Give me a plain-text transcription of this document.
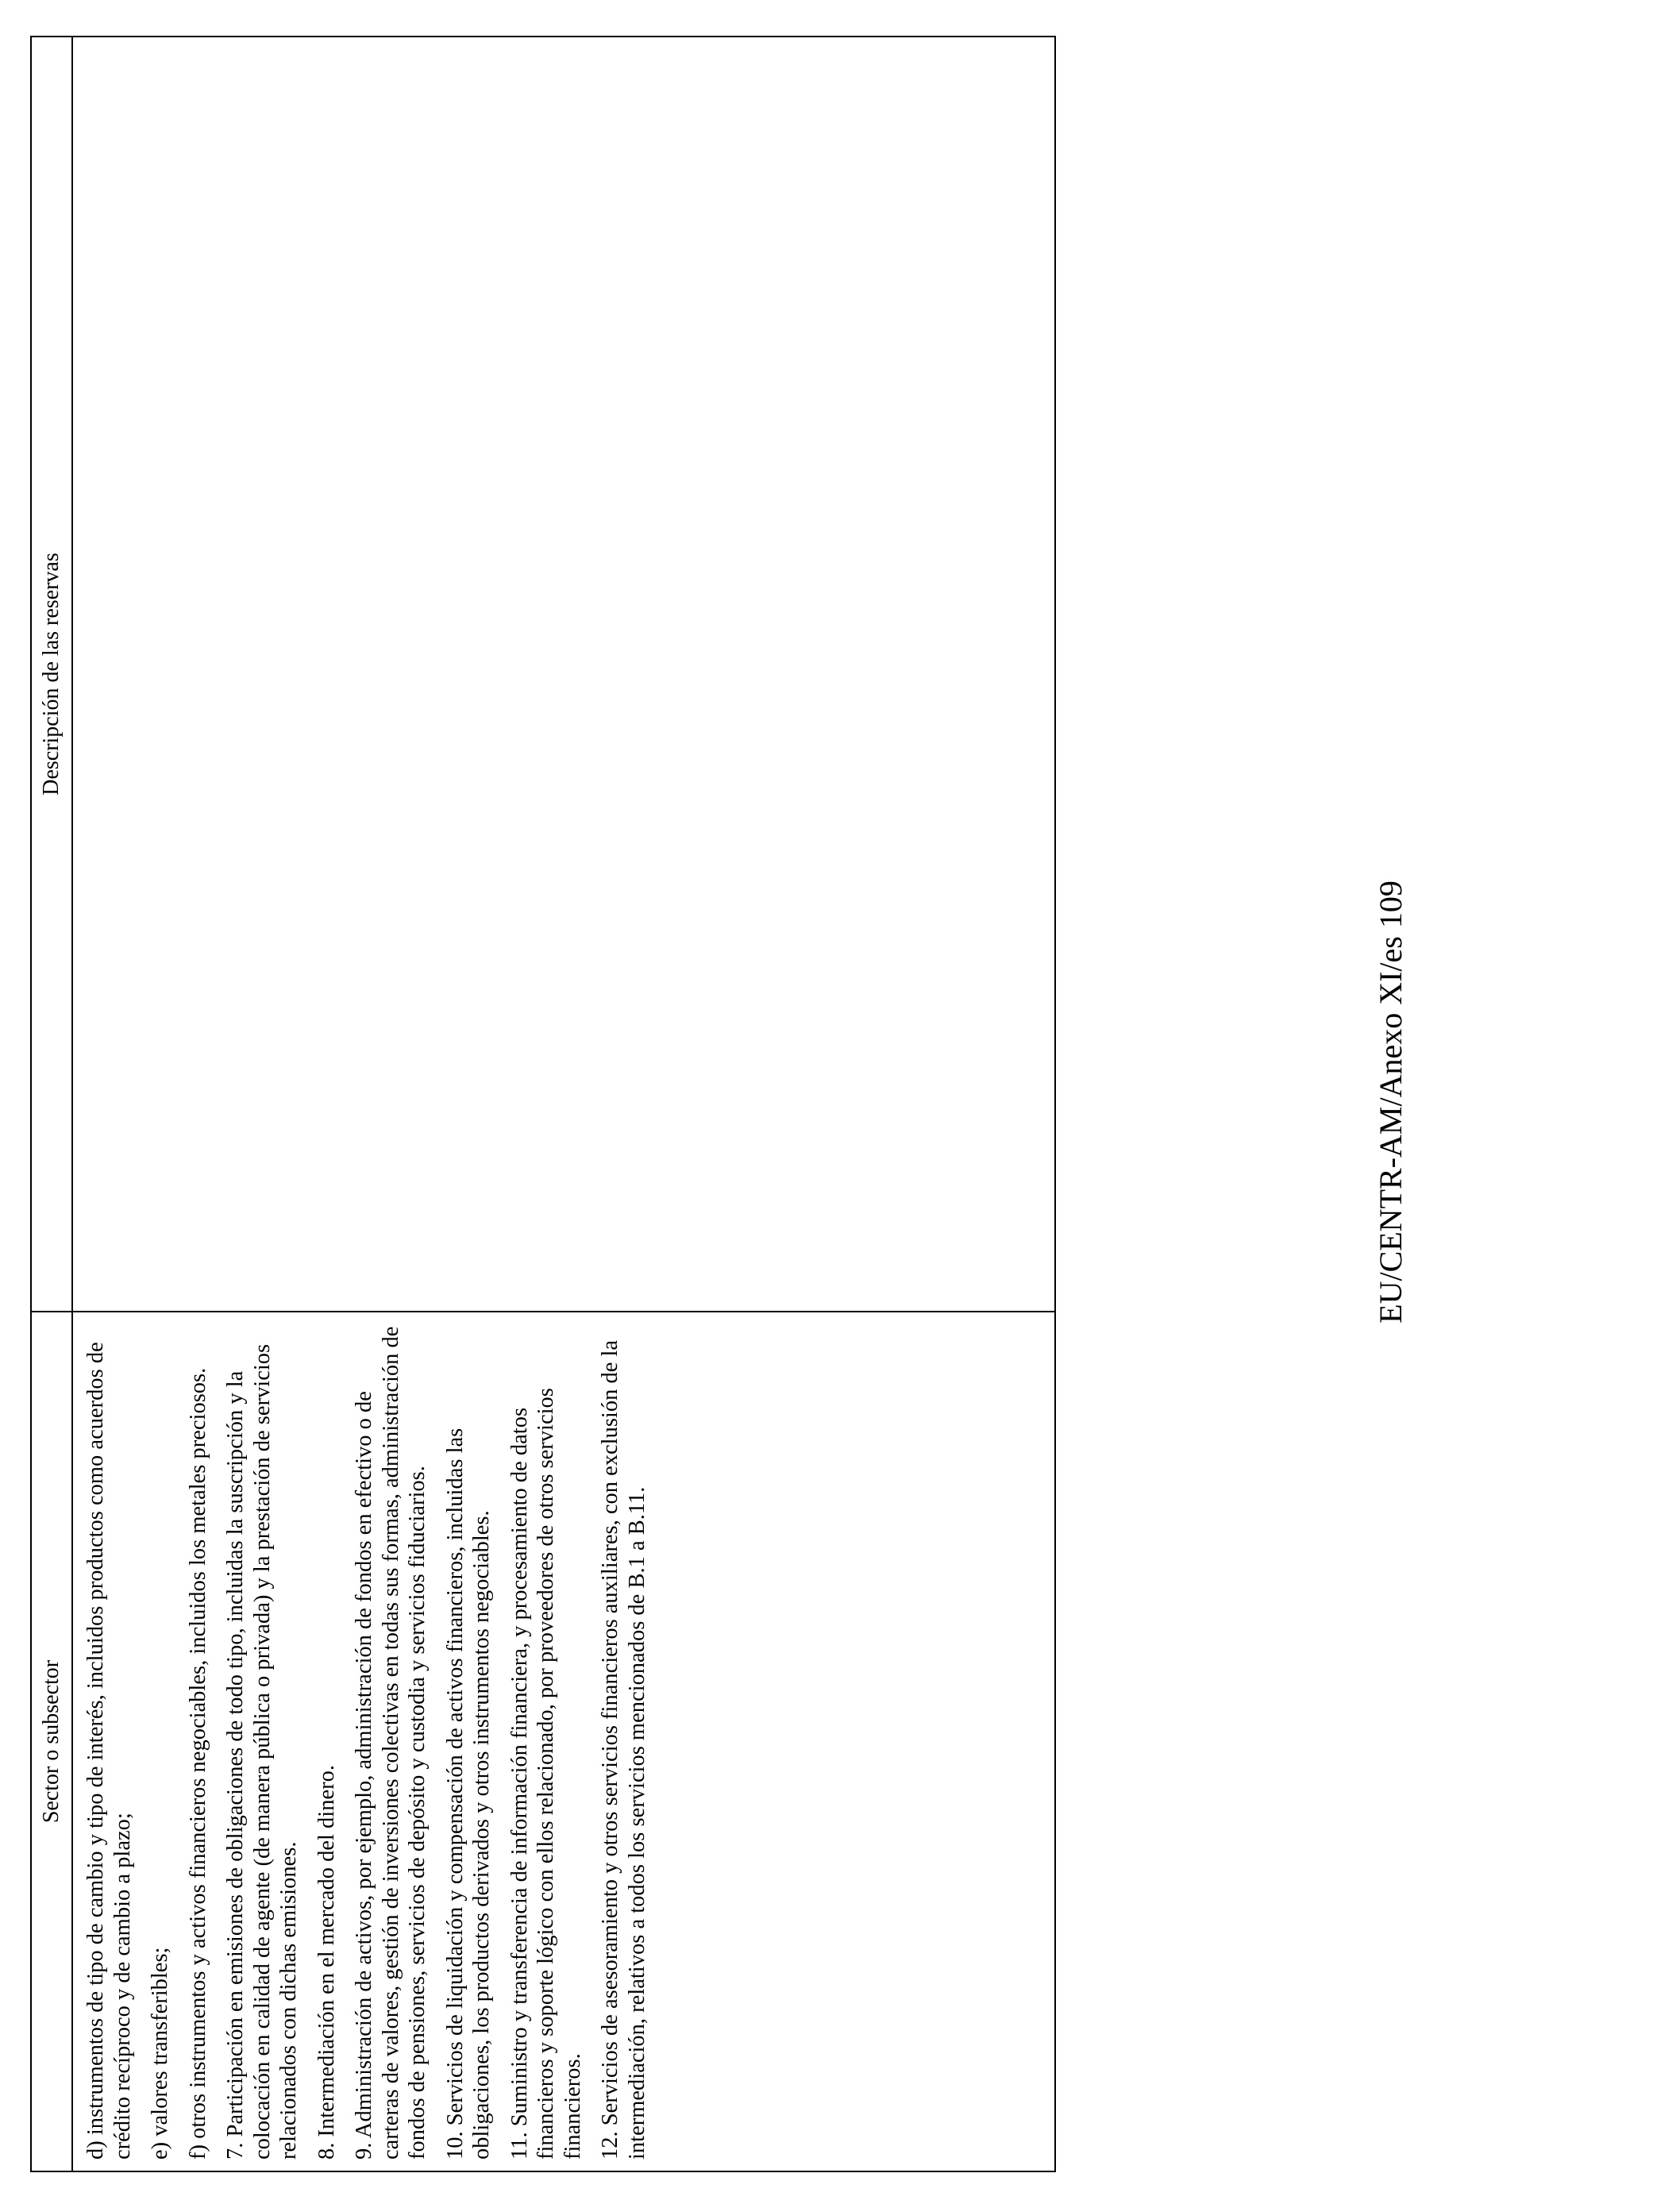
Sector o subsector
Descripción de las reservas

d) instrumentos de tipo de cambio y tipo de interés, incluidos productos como acuerdos de crédito recíproco y de cambio a plazo; e) valores transferibles; f) otros instrumentos y activos financieros negociables, incluidos los metales preciosos. 7. Participación en emisiones de obligaciones de todo tipo, incluidas la suscripción y la colocación en calidad de agente (de manera pública o privada) y la prestación de servicios relacionados con dichas emisiones. 8. Intermediación en el mercado del dinero. 9. Administración de activos, por ejemplo, administración de fondos en efectivo o de carteras de valores, gestión de inversiones colectivas en todas sus formas, administración de fondos de pensiones, servicios de depósito y custodia y servicios fiduciarios. 10. Servicios de liquidación y compensación de activos financieros, incluidas las obligaciones, los productos derivados y otros instrumentos negociables. 11. Suministro y transferencia de información financiera, y procesamiento de datos financieros y soporte lógico con ellos relacionado, por proveedores de otros servicios financieros. 12. Servicios de asesoramiento y otros servicios financieros auxiliares, con exclusión de la intermediación, relativos a todos los servicios mencionados de B.1 a B.11.

EU/CENTR-AM/Anexo XI/es 109
